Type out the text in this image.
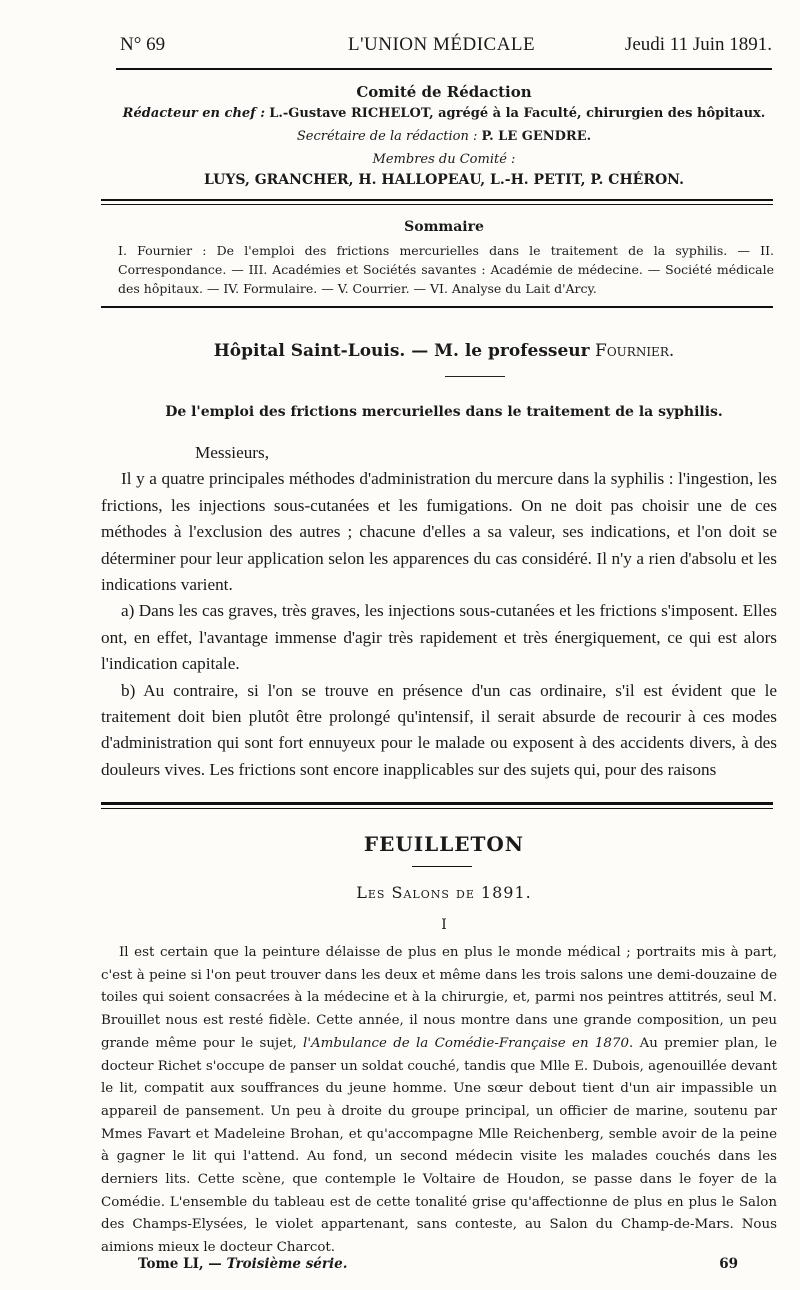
N° 69	L'UNION MÉDICALE	Jeudi 11 Juin 1891.
Comité de Rédaction
Rédacteur en chef : L.-Gustave RICHELOT, agrégé à la Faculté, chirurgien des hôpitaux.
Secrétaire de la rédaction : P. LE GENDRE.
Membres du Comité :
LUYS, GRANCHER, H. HALLOPEAU, L.-H. PETIT, P. CHÉRON.
Sommaire
I. Fournier : De l'emploi des frictions mercurielles dans le traitement de la syphilis. — II. Correspondance. — III. Académies et Sociétés savantes : Académie de médecine. — Société médicale des hôpitaux. — IV. Formulaire. — V. Courrier. — VI. Analyse du Lait d'Arcy.
Hôpital Saint-Louis. — M. le professeur Fournier.
De l'emploi des frictions mercurielles dans le traitement de la syphilis.

Messieurs,

Il y a quatre principales méthodes d'administration du mercure dans la syphilis : l'ingestion, les frictions, les injections sous-cutanées et les fumigations. On ne doit pas choisir une de ces méthodes à l'exclusion des autres ; chacune d'elles a sa valeur, ses indications, et l'on doit se déterminer pour leur application selon les apparences du cas considéré. Il n'y a rien d'absolu et les indications varient.

a) Dans les cas graves, très graves, les injections sous-cutanées et les frictions s'imposent. Elles ont, en effet, l'avantage immense d'agir très rapidement et très énergiquement, ce qui est alors l'indication capitale.

b) Au contraire, si l'on se trouve en présence d'un cas ordinaire, s'il est évident que le traitement doit bien plutôt être prolongé qu'intensif, il serait absurde de recourir à ces modes d'administration qui sont fort ennuyeux pour le malade ou exposent à des accidents divers, à des douleurs vives. Les frictions sont encore inapplicables sur des sujets qui, pour des raisons

FEUILLETON
Les Salons de 1891.
I

Il est certain que la peinture délaisse de plus en plus le monde médical ; portraits mis à part, c'est à peine si l'on peut trouver dans les deux et même dans les trois salons une demi-douzaine de toiles qui soient consacrées à la médecine et à la chirurgie, et, parmi nos peintres attitrés, seul M. Brouillet nous est resté fidèle. Cette année, il nous montre dans une grande composition, un peu grande même pour le sujet, l'Ambulance de la Comédie-Française en 1870. Au premier plan, le docteur Richet s'occupe de panser un soldat couché, tandis que Mlle E. Dubois, agenouillée devant le lit, compatit aux souffrances du jeune homme. Une sœur debout tient d'un air impassible un appareil de pansement. Un peu à droite du groupe principal, un officier de marine, soutenu par Mmes Favart et Madeleine Brohan, et qu'accompagne Mlle Reichenberg, semble avoir de la peine à gagner le lit qui l'attend. Au fond, un second médecin visite les malades couchés dans les derniers lits. Cette scène, que contemple le Voltaire de Houdon, se passe dans le foyer de la Comédie. L'ensemble du tableau est de cette tonalité grise qu'affectionne de plus en plus le Salon des Champs-Elysées, le violet appartenant, sans conteste, au Salon du Champ-de-Mars. Nous aimions mieux le docteur Charcot.

Tome LI, — Troisième série.	69
